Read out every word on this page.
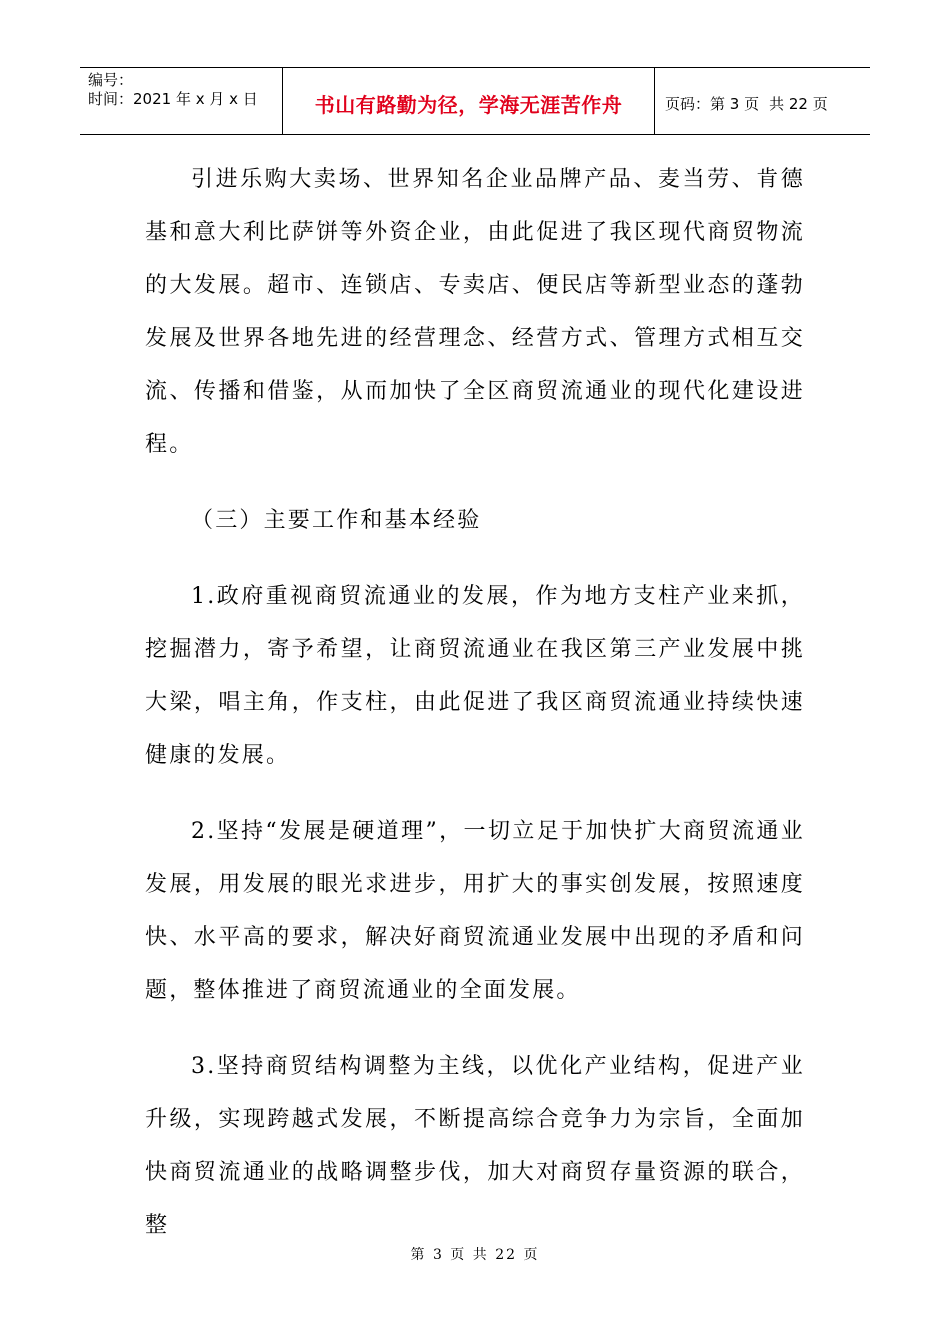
编号：
时间：2021 年 x 月 x 日	书山有路勤为径，学海无涯苦作舟	页码：第 3 页 共 22 页

引进乐购大卖场、世界知名企业品牌产品、麦当劳、肯德基和意大利比萨饼等外资企业，由此促进了我区现代商贸物流的大发展。超市、连锁店、专卖店、便民店等新型业态的蓬勃发展及世界各地先进的经营理念、经营方式、管理方式相互交流、传播和借鉴，从而加快了全区商贸流通业的现代化建设进程。

（三）主要工作和基本经验

1.政府重视商贸流通业的发展，作为地方支柱产业来抓，挖掘潜力，寄予希望，让商贸流通业在我区第三产业发展中挑大梁，唱主角，作支柱，由此促进了我区商贸流通业持续快速健康的发展。

2.坚持“发展是硬道理”，一切立足于加快扩大商贸流通业发展，用发展的眼光求进步，用扩大的事实创发展，按照速度快、水平高的要求，解决好商贸流通业发展中出现的矛盾和问题，整体推进了商贸流通业的全面发展。

3.坚持商贸结构调整为主线，以优化产业结构，促进产业升级，实现跨越式发展，不断提高综合竞争力为宗旨，全面加快商贸流通业的战略调整步伐，加大对商贸存量资源的联合，整

第 3 页 共 22 页
